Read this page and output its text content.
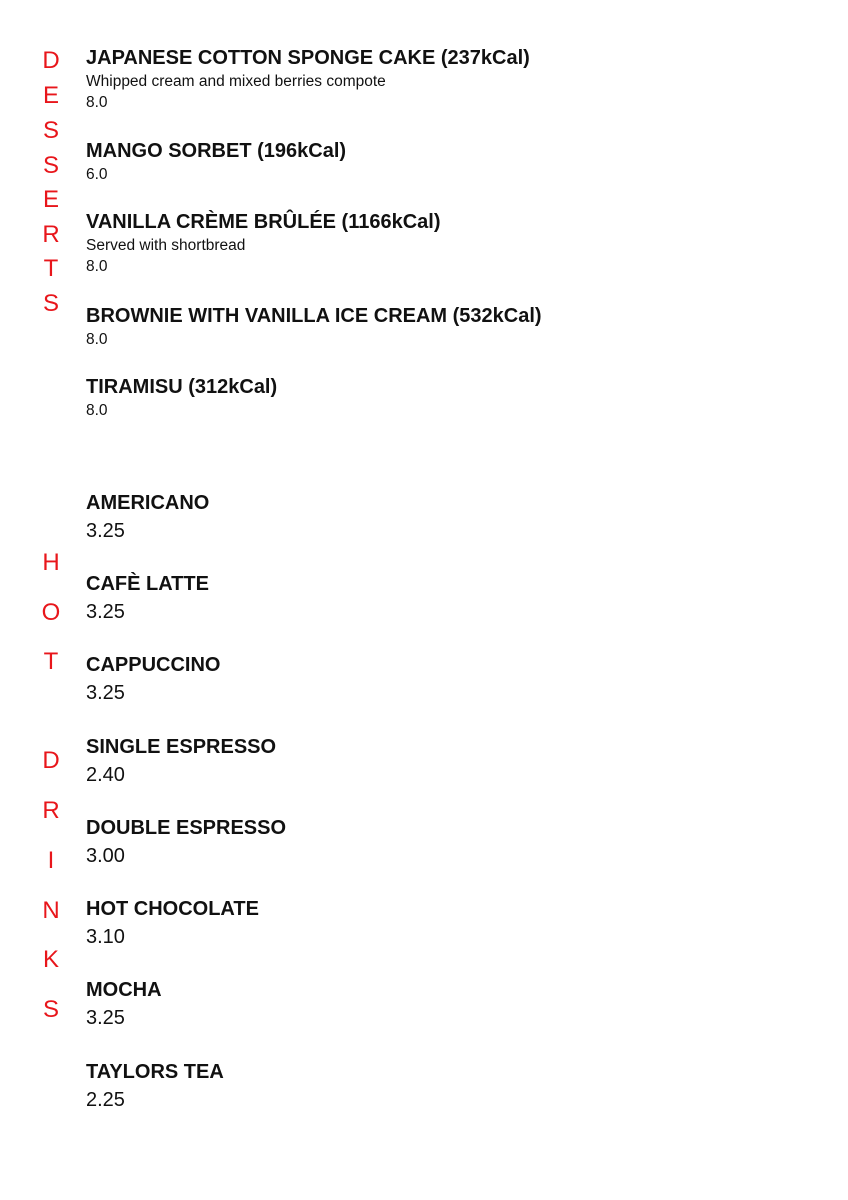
D
E
S
S
E
R
T
S
JAPANESE COTTON SPONGE CAKE (237kCal)
Whipped cream and mixed berries compote
8.0
MANGO SORBET (196kCal)
6.0
VANILLA CRÈME BRÛLÉE (1166kCal)
Served with shortbread
8.0
BROWNIE WITH VANILLA ICE CREAM (532kCal)
8.0
TIRAMISU (312kCal)
8.0
H
O
T
D
R
I
N
K
S
AMERICANO
3.25
CAFÈ LATTE
3.25
CAPPUCCINO
3.25
SINGLE ESPRESSO
2.40
DOUBLE ESPRESSO
3.00
HOT CHOCOLATE
3.10
MOCHA
3.25
TAYLORS TEA
2.25
